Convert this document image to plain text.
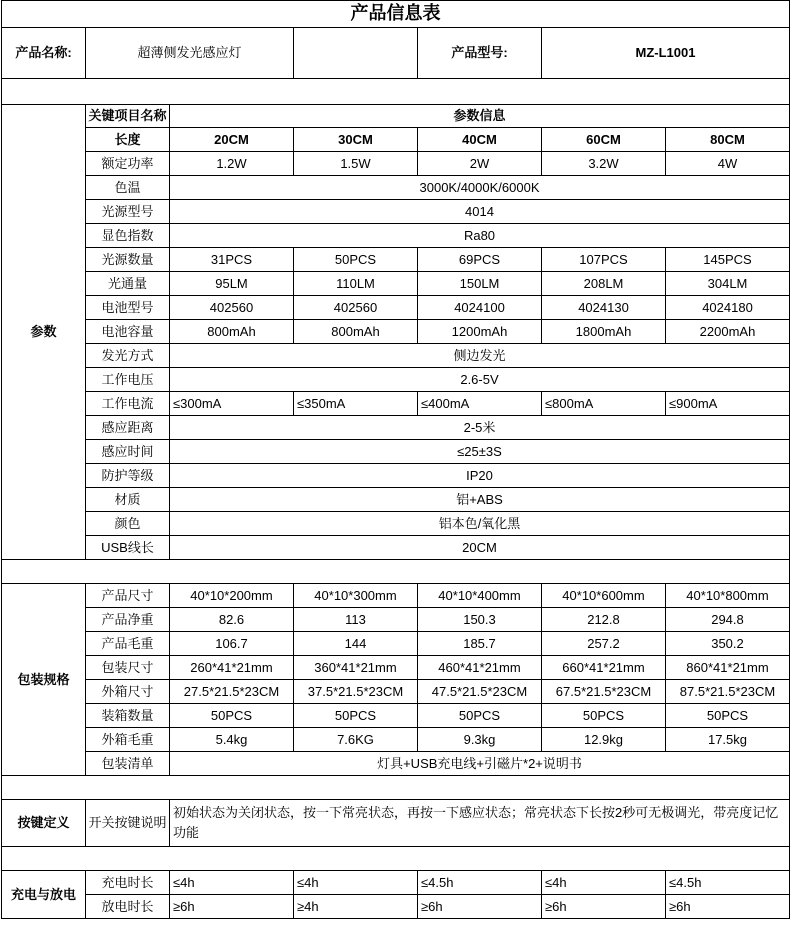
产品信息表						
产品名称:	超薄侧发光感应灯			产品型号:	MZ-L1001	

参数	关键项目名称	参数信息				
	长度	20CM	30CM	40CM	60CM	80CM
	额定功率	1.2W	1.5W	2W	3.2W	4W
	色温	3000K/4000K/6000K				
	光源型号	4014				
	显色指数	Ra80				
	光源数量	31PCS	50PCS	69PCS	107PCS	145PCS
	光通量	95LM	110LM	150LM	208LM	304LM
	电池型号	402560	402560	4024100	4024130	4024180
	电池容量	800mAh	800mAh	1200mAh	1800mAh	2200mAh
	发光方式	侧边发光				
	工作电压	2.6-5V				
	工作电流	≤300mA	≤350mA	≤400mA	≤800mA	≤900mA
	感应距离	2-5米				
	感应时间	≤25±3S				
	防护等级	IP20				
	材质	铝+ABS				
	颜色	铝本色/氧化黑				
	USB线长	20CM				

包装规格	产品尺寸	40*10*200mm	40*10*300mm	40*10*400mm	40*10*600mm	40*10*800mm
	产品净重	82.6	113	150.3	212.8	294.8
	产品毛重	106.7	144	185.7	257.2	350.2
	包装尺寸	260*41*21mm	360*41*21mm	460*41*21mm	660*41*21mm	860*41*21mm
	外箱尺寸	27.5*21.5*23CM	37.5*21.5*23CM	47.5*21.5*23CM	67.5*21.5*23CM	87.5*21.5*23CM
	装箱数量	50PCS	50PCS	50PCS	50PCS	50PCS
	外箱毛重	5.4kg	7.6KG	9.3kg	12.9kg	17.5kg
	包装清单	灯具+USB充电线+引磁片*2+说明书				

按键定义	开关按键说明	初始状态为关闭状态，按一下常亮状态，再按一下感应状态；常亮状态下长按2秒可无极调光，带亮度记忆功能				

充电与放电	充电时长	≤4h	≤4h	≤4.5h	≤4h	≤4.5h
	放电时长	≥6h	≥4h	≥6h	≥6h	≥6h
